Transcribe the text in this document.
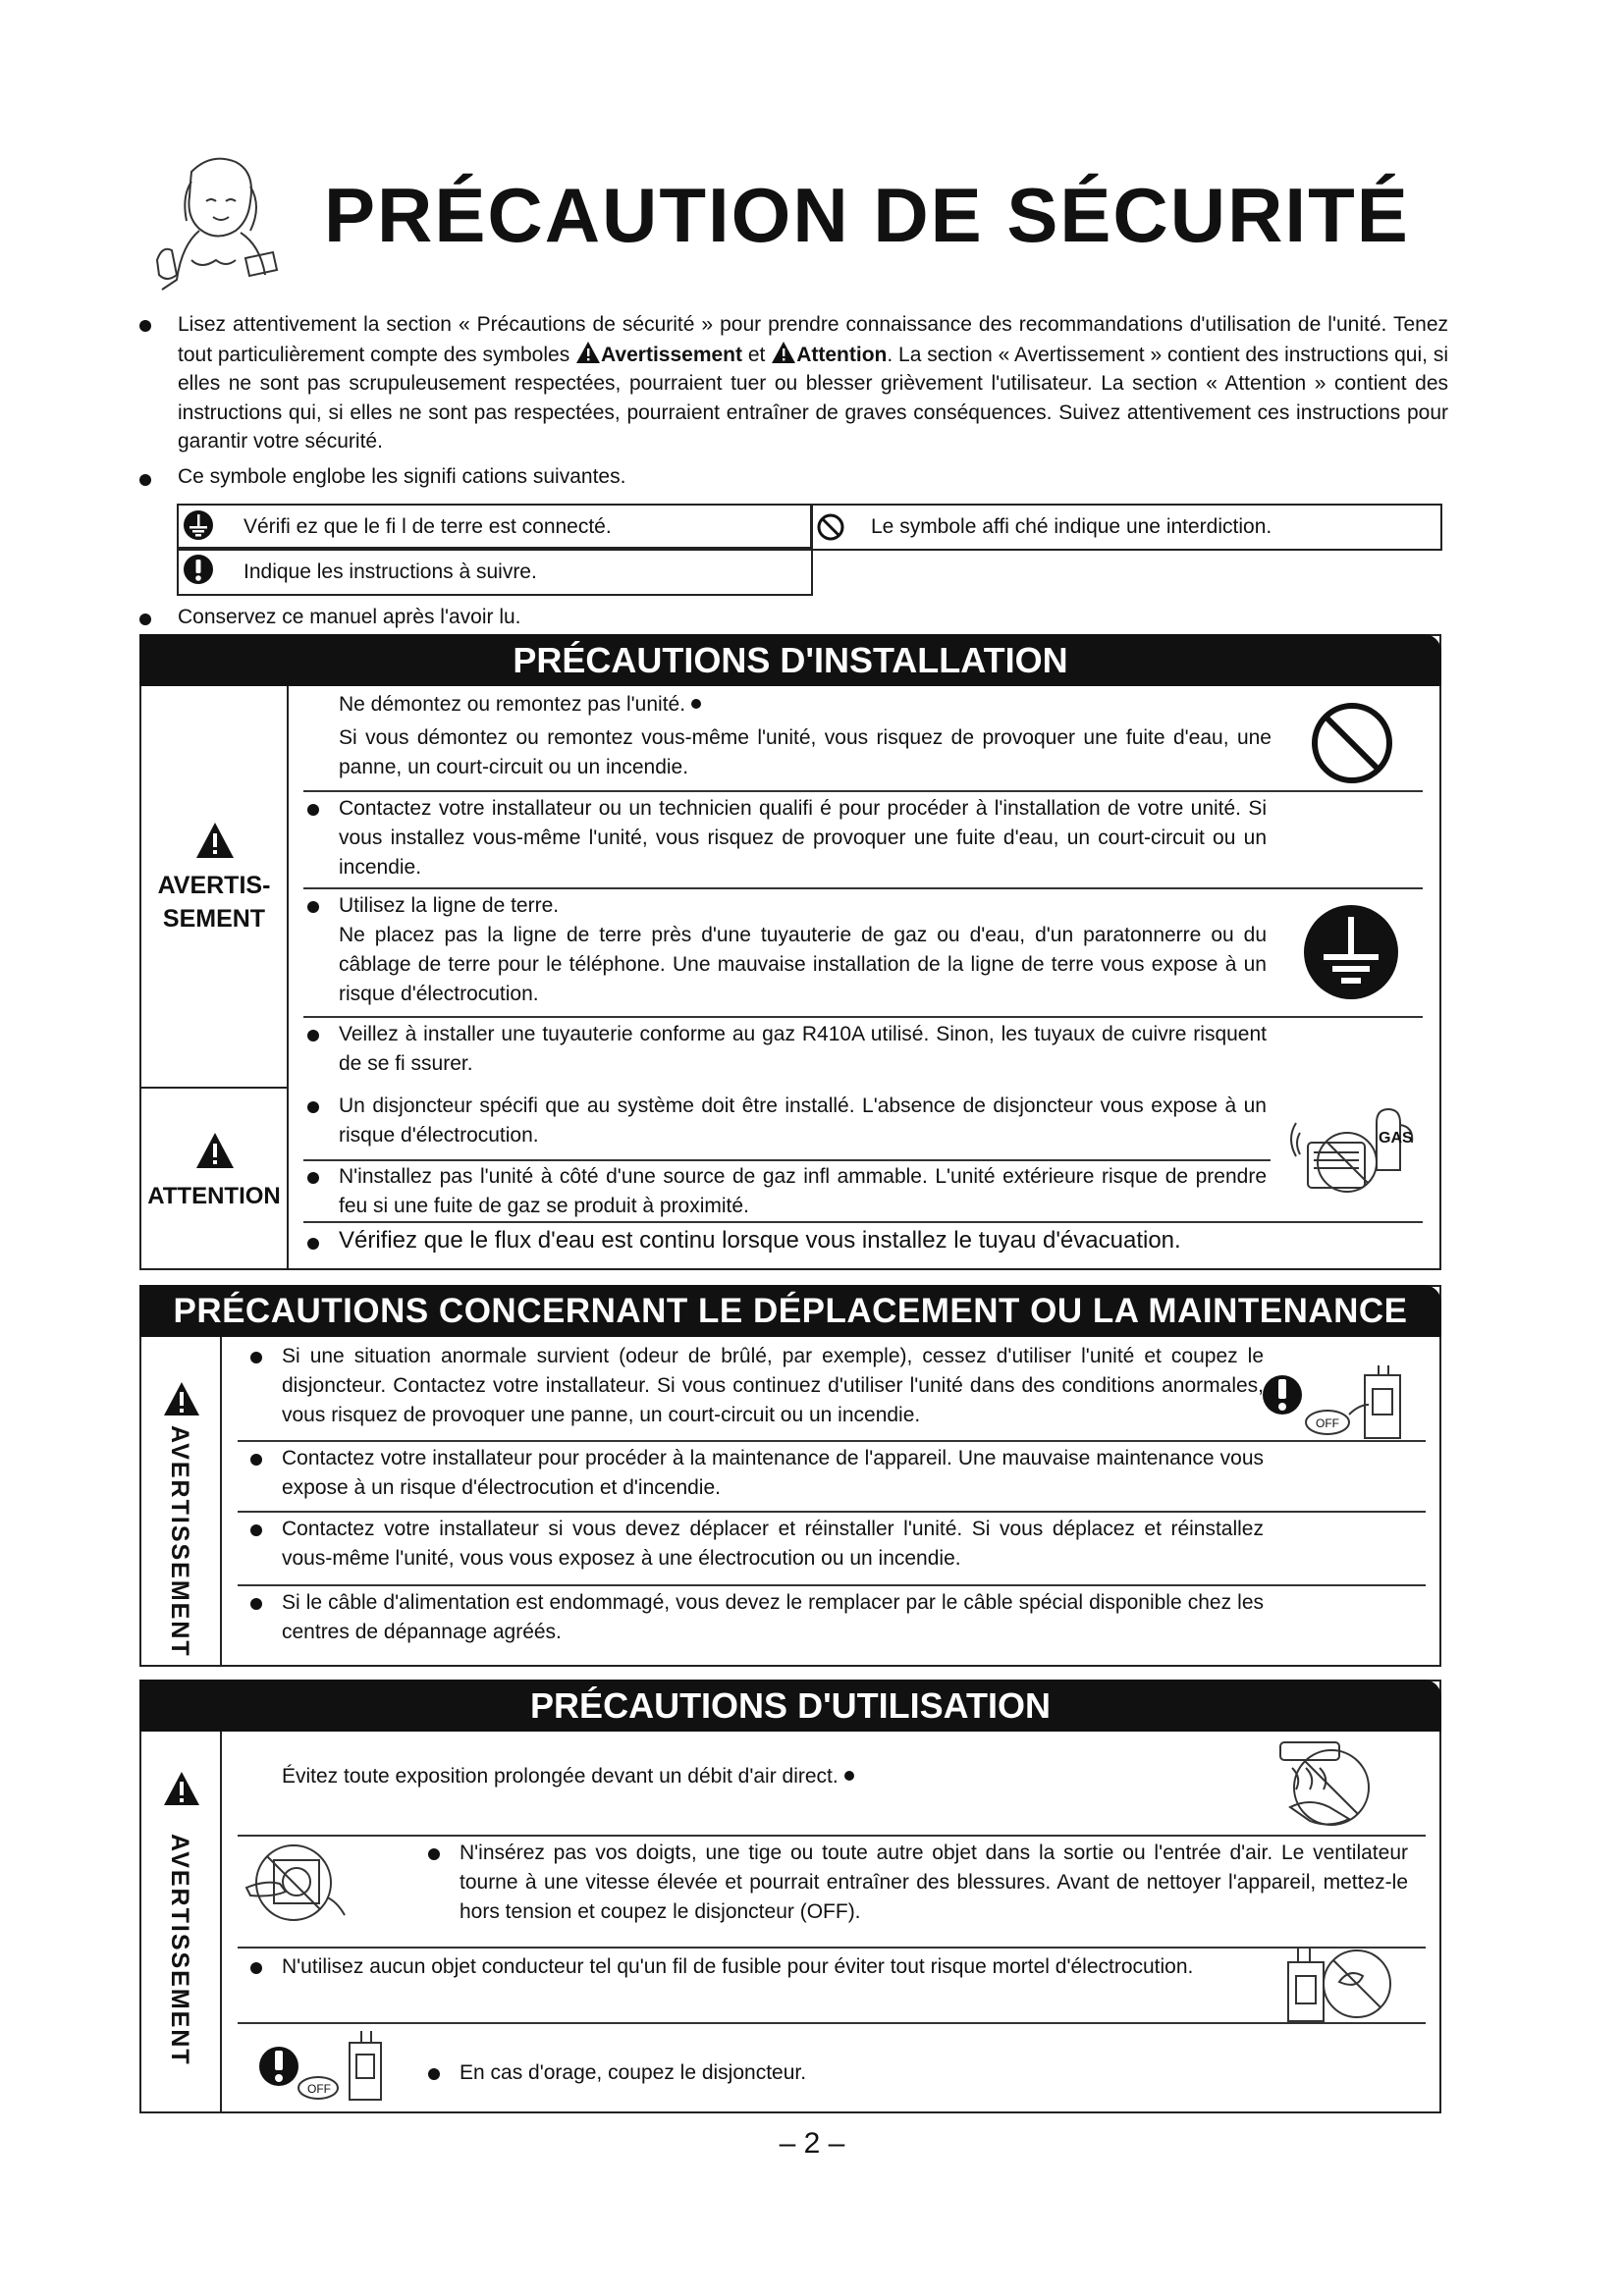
PRÉCAUTION DE SÉCURITÉ
Lisez attentivement la section « Précautions de sécurité » pour prendre connaissance des recommandations d'utilisation de l'unité. Tenez tout particulièrement compte des symboles Avertissement et Attention. La section « Avertissement » contient des instructions qui, si elles ne sont pas scrupuleusement respectées, pourraient tuer ou blesser grièvement l'utilisateur. La section « Attention » contient des instructions qui, si elles ne sont pas respectées, pourraient entraîner de graves conséquences. Suivez attentivement ces instructions pour garantir votre sécurité.
Ce symbole englobe les signifi cations suivantes.
Vérifi ez que le fi l de terre est connecté.	Le symbole affi ché indique une interdiction.
Indique les instructions à suivre.
Conservez ce manuel après l'avoir lu.
PRÉCAUTIONS D'INSTALLATION
AVERTIS-
SEMENT
ATTENTION
Ne démontez ou remontez pas l'unité.
Si vous démontez ou remontez vous-même l'unité, vous risquez de provoquer une fuite d'eau, une panne, un court-circuit ou un incendie.
Contactez votre installateur ou un technicien qualifi é pour procéder à l'installation de votre unité. Si vous installez vous-même l'unité, vous risquez de provoquer une fuite d'eau, un court-circuit ou un incendie.
Utilisez la ligne de terre.
Ne placez pas la ligne de terre près d'une tuyauterie de gaz ou d'eau, d'un paratonnerre ou du câblage de terre pour le téléphone. Une mauvaise installation de la ligne de terre vous expose à un risque d'électrocution.
Veillez à installer une tuyauterie conforme au gaz R410A utilisé. Sinon, les tuyaux de cuivre risquent de se fi ssurer.
Un disjoncteur spécifi que au système doit être installé. L'absence de disjoncteur vous expose à un risque d'électrocution.
N'installez pas l'unité à côté d'une source de gaz infl ammable. L'unité extérieure risque de prendre feu si une fuite de gaz se produit à proximité.
GAS
Vérifiez que le flux d'eau est continu lorsque vous installez le tuyau d'évacuation.
PRÉCAUTIONS CONCERNANT LE DÉPLACEMENT OU LA MAINTENANCE
AVERTISSEMENT
Si une situation anormale survient (odeur de brûlé, par exemple), cessez d'utiliser l'unité et coupez le disjoncteur. Contactez votre installateur. Si vous continuez d'utiliser l'unité dans des conditions anormales, vous risquez de provoquer une panne, un court-circuit ou un incendie.	OFF
Contactez votre installateur pour procéder à la maintenance de l'appareil. Une mauvaise maintenance vous expose à un risque d'électrocution et d'incendie.
Contactez votre installateur si vous devez déplacer et réinstaller l'unité. Si vous déplacez et réinstallez vous-même l'unité, vous vous exposez à une électrocution ou un incendie.
Si le câble d'alimentation est endommagé, vous devez le remplacer par le câble spécial disponible chez les centres de dépannage agréés.
PRÉCAUTIONS D'UTILISATION
AVERTISSEMENT
Évitez toute exposition prolongée devant un débit d'air direct.
N'insérez pas vos doigts, une tige ou toute autre objet dans la sortie ou l'entrée d'air. Le ventilateur tourne à une vitesse élevée et pourrait entraîner des blessures. Avant de nettoyer l'appareil, mettez-le hors tension et coupez le disjoncteur (OFF).
N'utilisez aucun objet conducteur tel qu'un fil de fusible pour éviter tout risque mortel d'électrocution.
OFF
En cas d'orage, coupez le disjoncteur.
– 2 –
